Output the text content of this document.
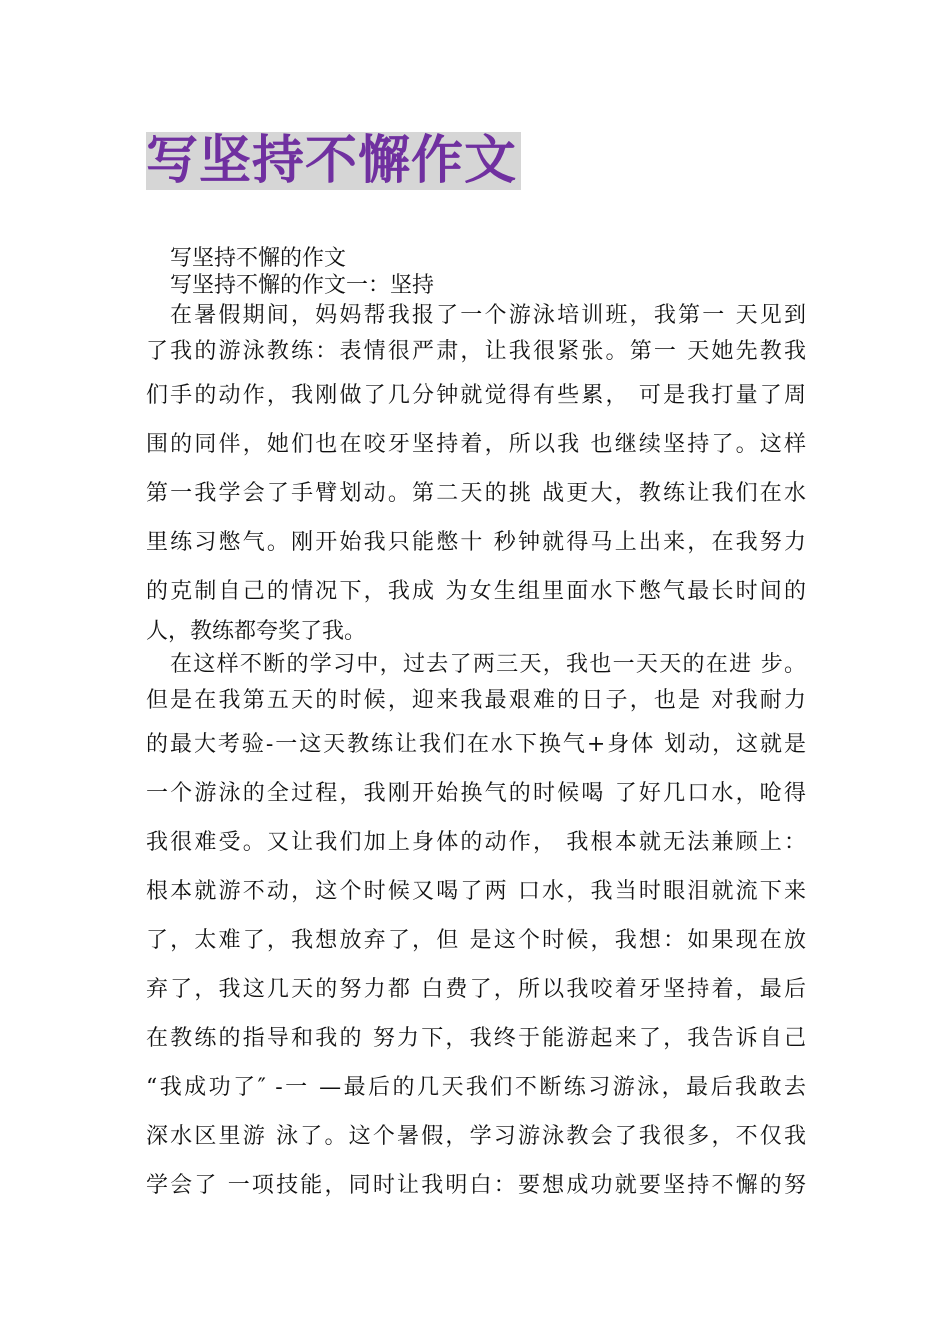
写坚持不懈作文
写坚持不懈的作文
写坚持不懈的作文一：坚持
在暑假期间，妈妈帮我报了一个游泳培训班，我第一 天见到
了我的游泳教练：表情很严肃，让我很紧张。第一 天她先教我
们手的动作，我刚做了几分钟就觉得有些累， 可是我打量了周
围的同伴，她们也在咬牙坚持着，所以我 也继续坚持了。这样
第一我学会了手臂划动。第二天的挑 战更大，教练让我们在水
里练习憋气。刚开始我只能憋十 秒钟就得马上出来，在我努力
的克制自己的情况下，我成 为女生组里面水下憋气最长时间的
人，教练都夸奖了我。
在这样不断的学习中，过去了两三天，我也一天天的在进 步。
但是在我第五天的时候，迎来我最艰难的日子，也是 对我耐力
的最大考验-一这天教练让我们在水下换气+身体 划动，这就是
一个游泳的全过程，我刚开始换气的时候喝 了好几口水，呛得
我很难受。又让我们加上身体的动作， 我根本就无法兼顾上：
根本就游不动，这个时候又喝了两 口水，我当时眼泪就流下来
了，太难了，我想放弃了，但 是这个时候，我想：如果现在放
弃了，我这几天的努力都 白费了，所以我咬着牙坚持着，最后
在教练的指导和我的 努力下，我终于能游起来了，我告诉自己
“我成功了″ -一 —最后的几天我们不断练习游泳，最后我敢去
深水区里游 泳了。这个暑假，学习游泳教会了我很多，不仅我
学会了 一项技能，同时让我明白：要想成功就要坚持不懈的努
